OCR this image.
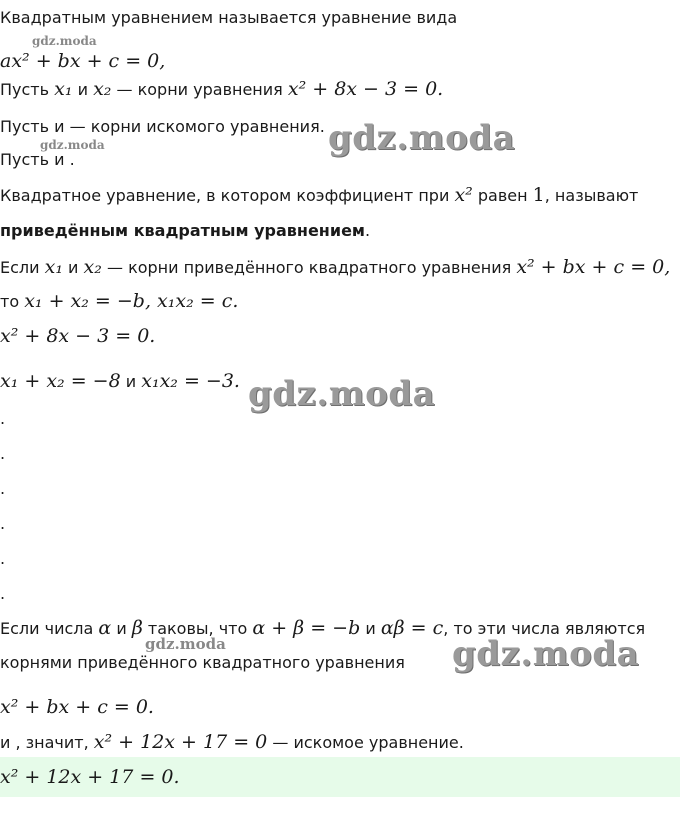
Квадратным уравнением называется уравнение вида
gdz.moda
ax² + bx + c = 0,
Пусть x₁ и x₂ — корни уравнения x² + 8x − 3 = 0.
Пусть и — корни искомого уравнения. gdz.moda
gdz.moda
Пусть и .
Квадратное уравнение, в котором коэффициент при x² равен 1, называют
приведённым квадратным уравнением.
Если x₁ и x₂ — корни приведённого квадратного уравнения x² + bx + c = 0,
то x₁ + x₂ = −b, x₁x₂ = c.
x² + 8x − 3 = 0.
x₁ + x₂ = −8 и x₁x₂ = −3. gdz.moda
.
.
.
.
.
.
Если числа α и β таковы, что α + β = −b и αβ = c, то эти числа являются
gdz.moda
корнями приведённого квадратного уравнения gdz.moda
x² + bx + c = 0.
и , значит, x² + 12x + 17 = 0 — искомое уравнение.
x² + 12x + 17 = 0.
